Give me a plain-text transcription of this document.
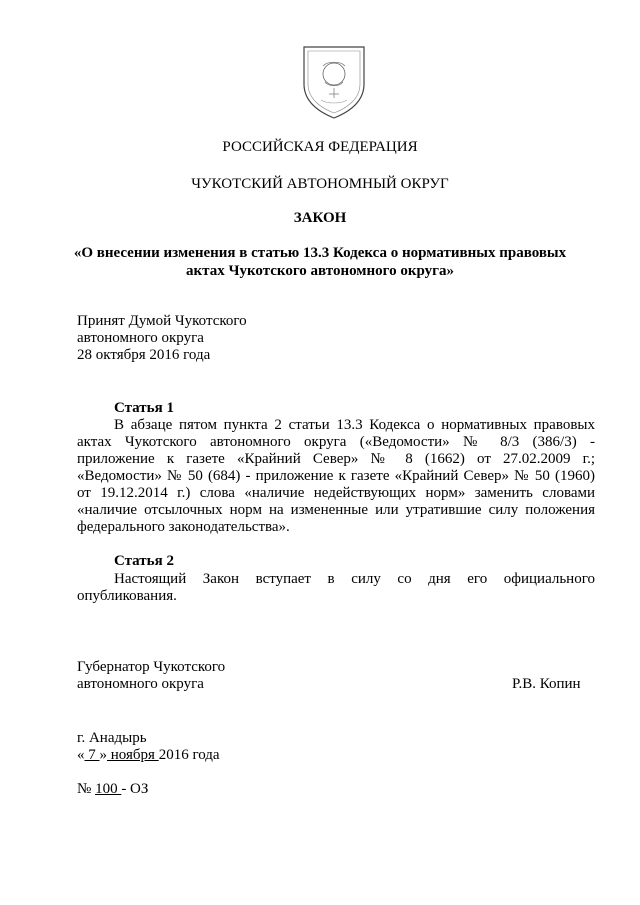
РОССИЙСКАЯ ФЕДЕРАЦИЯ
ЧУКОТСКИЙ АВТОНОМНЫЙ ОКРУГ
ЗАКОН
«О внесении изменения в статью 13.3 Кодекса о нормативных правовых
актах Чукотского автономного округа»
Принят Думой Чукотского
автономного округа
28 октября 2016 года
Статья 1
В абзаце пятом пункта 2 статьи 13.3 Кодекса о нормативных правовых
актах Чукотского автономного округа («Ведомости» № 8/3 (386/3) -
приложение к газете «Крайний Север» № 8 (1662) от 27.02.2009 г.;
«Ведомости» № 50 (684) - приложение к газете «Крайний Север» № 50 (1960)
от 19.12.2014 г.) слова «наличие недействующих норм» заменить словами
«наличие отсылочных норм на измененные или утратившие силу положения
федерального законодательства».
Статья 2
Настоящий Закон вступает в силу со дня его официального
опубликования.
Губернатор Чукотского
автономного округа	Р.В. Копин
г. Анадырь
« 7 » ноября 2016 года
№ 100 - ОЗ
